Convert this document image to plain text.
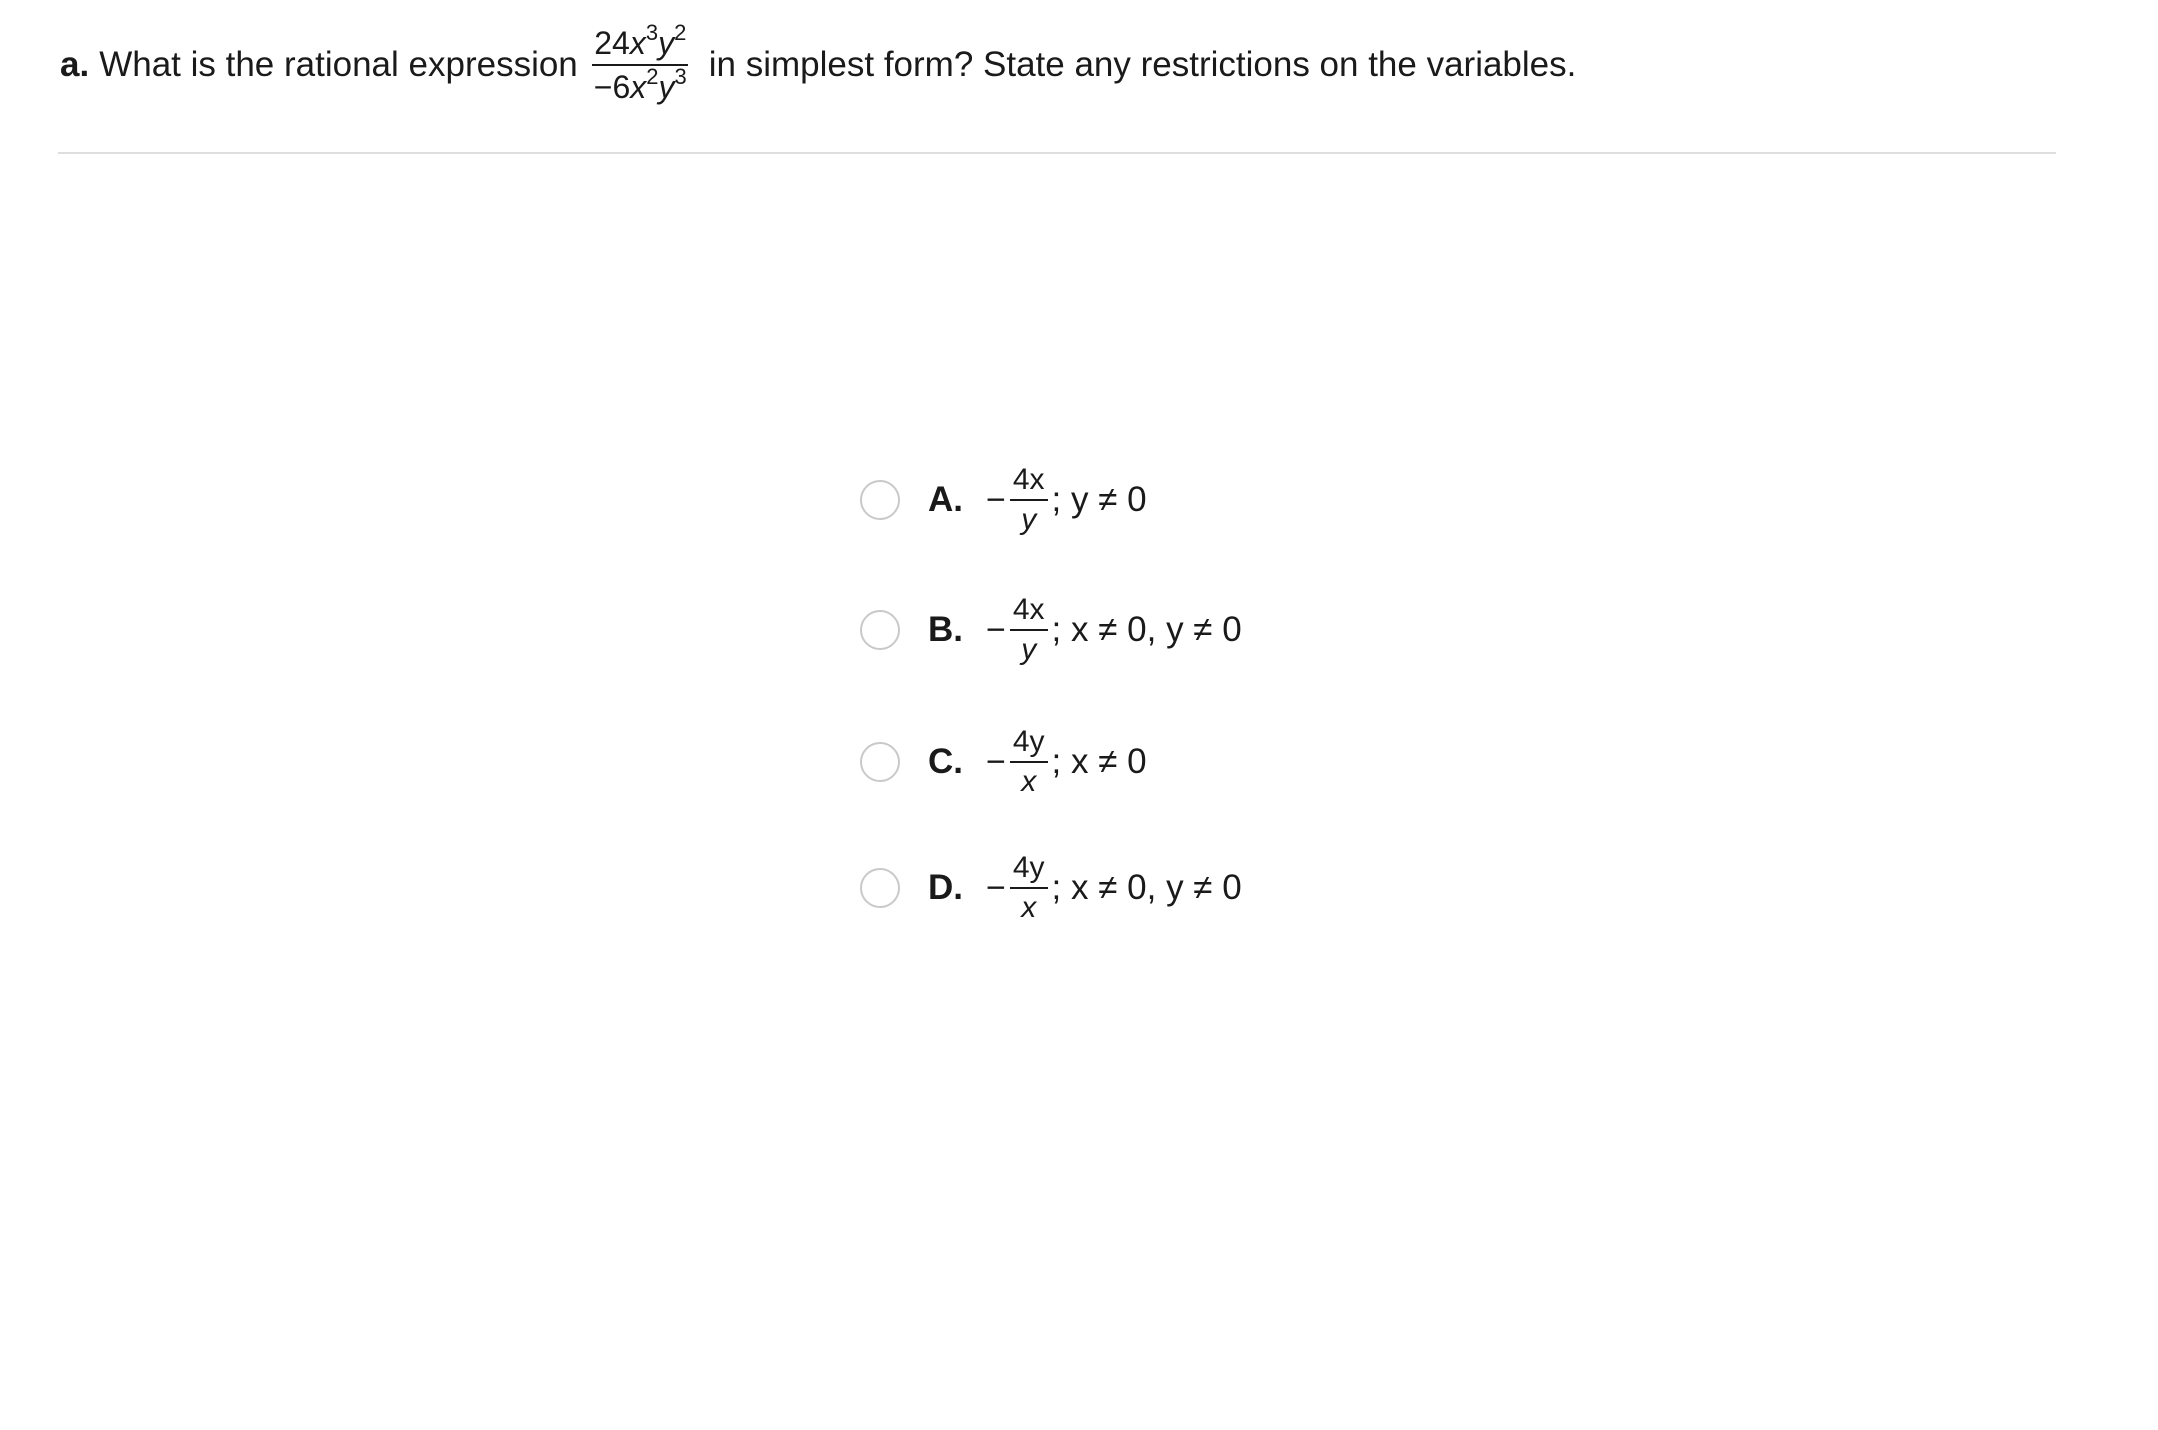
a. What is the rational expression $\frac{24x^3y^2}{-6x^2y^3}$ in simplest form? State any restrictions on the variables.
A. − $\frac{4x}{y}$ ; y ≠ 0
B. − $\frac{4x}{y}$ ; x ≠ 0, y ≠ 0
C. − $\frac{4y}{x}$ ; x ≠ 0
D. − $\frac{4y}{x}$ ; x ≠ 0, y ≠ 0
